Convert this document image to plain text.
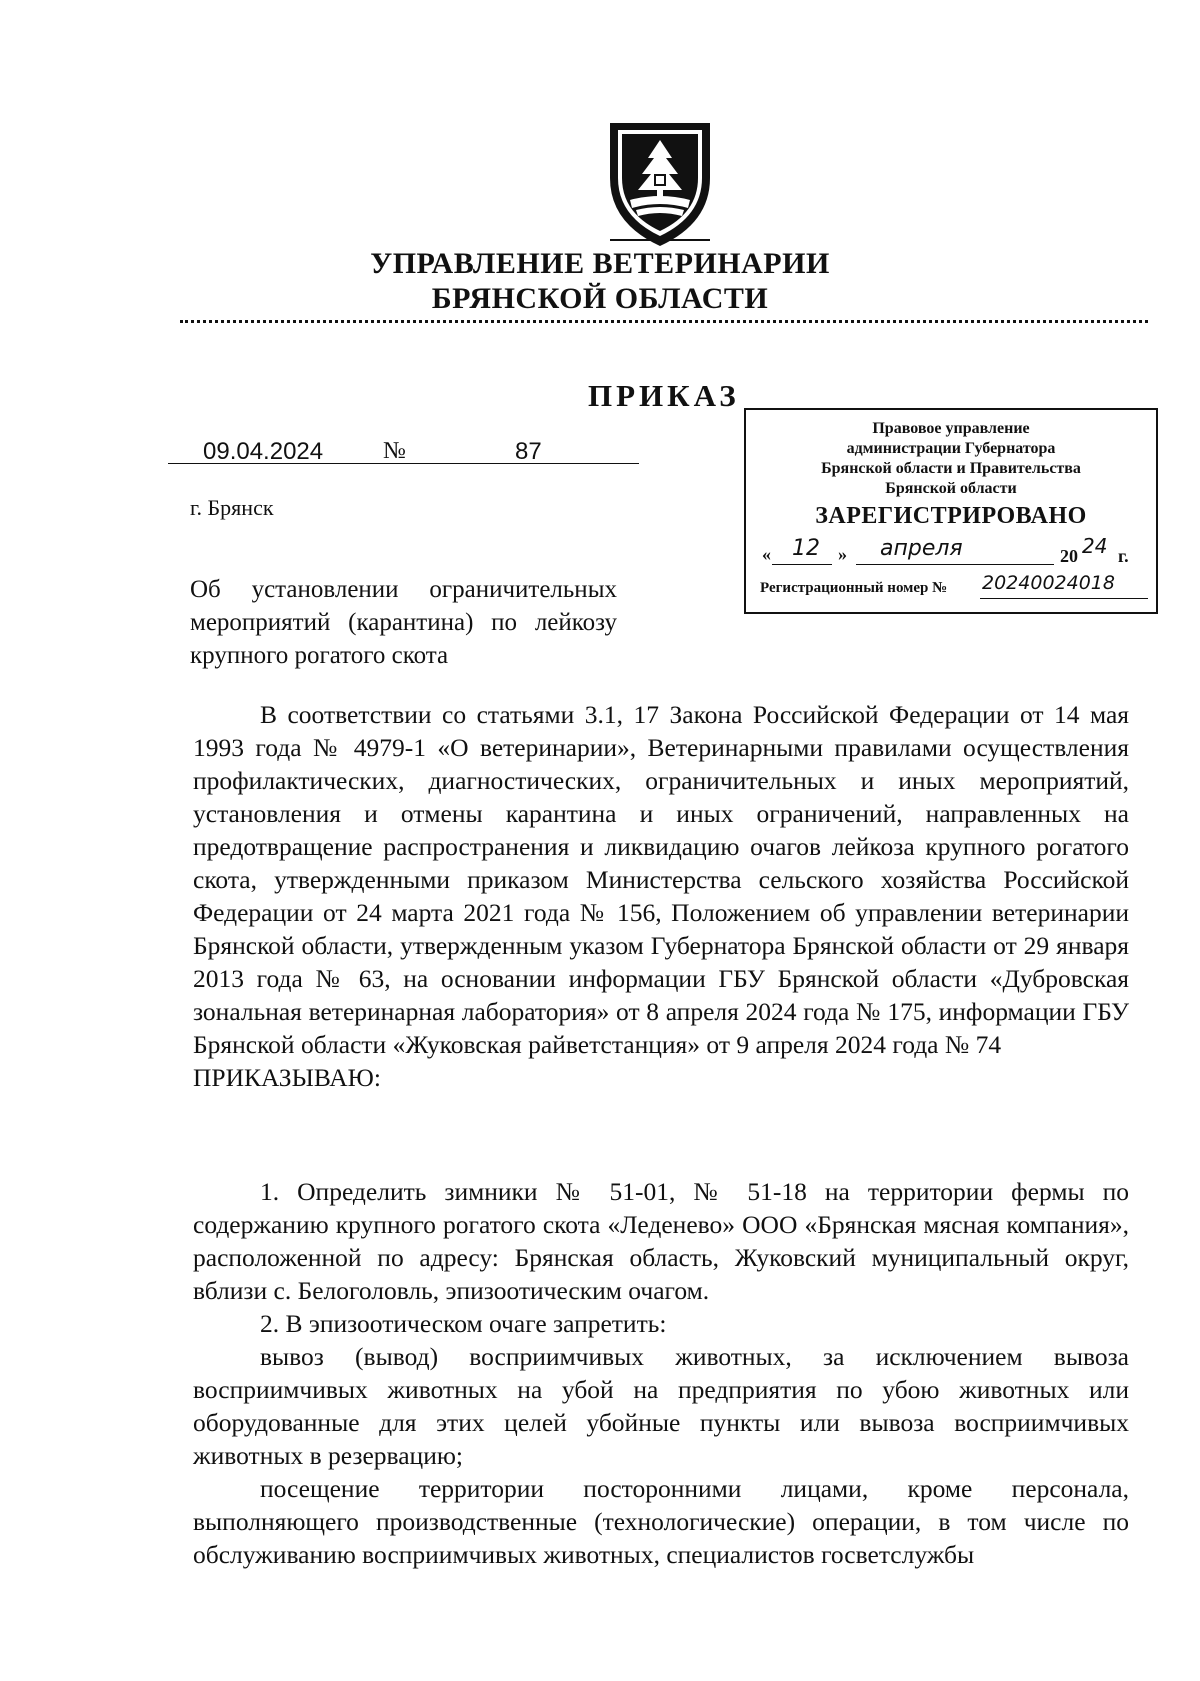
УПРАВЛЕНИЕ ВЕТЕРИНАРИИ
БРЯНСКОЙ ОБЛАСТИ
ПРИКАЗ
09.04.2024 №	87
г. Брянск
Об установлении ограничительных мероприятий (карантина) по лейкозу крупного рогатого скота
Правовое управление
администрации Губернатора
Брянской области и Правительства
Брянской области
ЗАРЕГИСТРИРОВАНО
« 12 » апреля	20 24 г.
Регистрационный номер № 20240024018

В соответствии со статьями 3.1, 17 Закона Российской Федерации от 14 мая 1993 года № 4979-1 «О ветеринарии», Ветеринарными правилами осуществления профилактических, диагностических, ограничительных и иных мероприятий, установления и отмены карантина и иных ограничений, направленных на предотвращение распространения и ликвидацию очагов лейкоза крупного рогатого скота, утвержденными приказом Министерства сельского хозяйства Российской Федерации от 24 марта 2021 года № 156, Положением об управлении ветеринарии Брянской области, утвержденным указом Губернатора Брянской области от 29 января 2013 года № 63, на основании информации ГБУ Брянской области «Дубровская зональная ветеринарная лаборатория» от 8 апреля 2024 года № 175, информации ГБУ Брянской области «Жуковская райветстанция» от 9 апреля 2024 года № 74

ПРИКАЗЫВАЮ:

1. Определить зимники № 51-01, № 51-18 на территории фермы по содержанию крупного рогатого скота «Леденево» ООО «Брянская мясная компания», расположенной по адресу: Брянская область, Жуковский муниципальный округ, вблизи с. Белоголовль, эпизоотическим очагом.

2. В эпизоотическом очаге запретить:

вывоз (вывод) восприимчивых животных, за исключением вывоза восприимчивых животных на убой на предприятия по убою животных или оборудованные для этих целей убойные пункты или вывоза восприимчивых животных в резервацию;

посещение территории посторонними лицами, кроме персонала, выполняющего производственные (технологические) операции, в том числе по обслуживанию восприимчивых животных, специалистов госветслужбы
